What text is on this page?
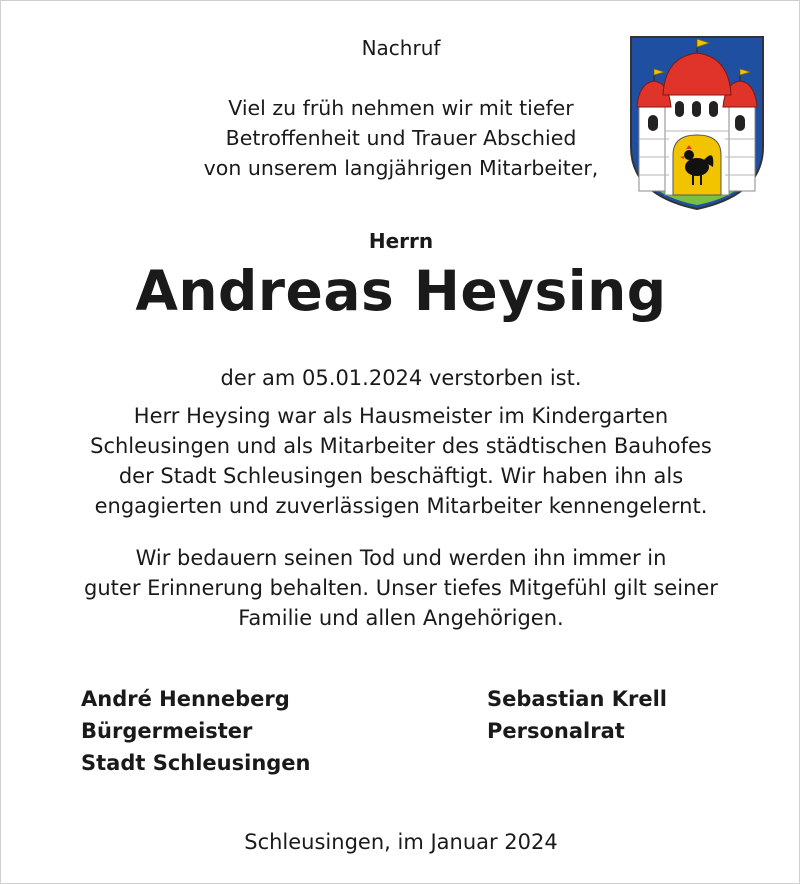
Nachruf
Viel zu früh nehmen wir mit tiefer
Betroffenheit und Trauer Abschied
von unserem langjährigen Mitarbeiter,
Herrn
Andreas Heysing
der am 05.01.2024 verstorben ist.
Herr Heysing war als Hausmeister im Kindergarten
Schleusingen und als Mitarbeiter des städtischen Bauhofes
der Stadt Schleusingen beschäftigt. Wir haben ihn als
engagierten und zuverlässigen Mitarbeiter kennengelernt.
Wir bedauern seinen Tod und werden ihn immer in
guter Erinnerung behalten. Unser tiefes Mitgefühl gilt seiner
Familie und allen Angehörigen.
André Henneberg
Bürgermeister
Stadt Schleusingen
Sebastian Krell
Personalrat
Schleusingen, im Januar 2024
